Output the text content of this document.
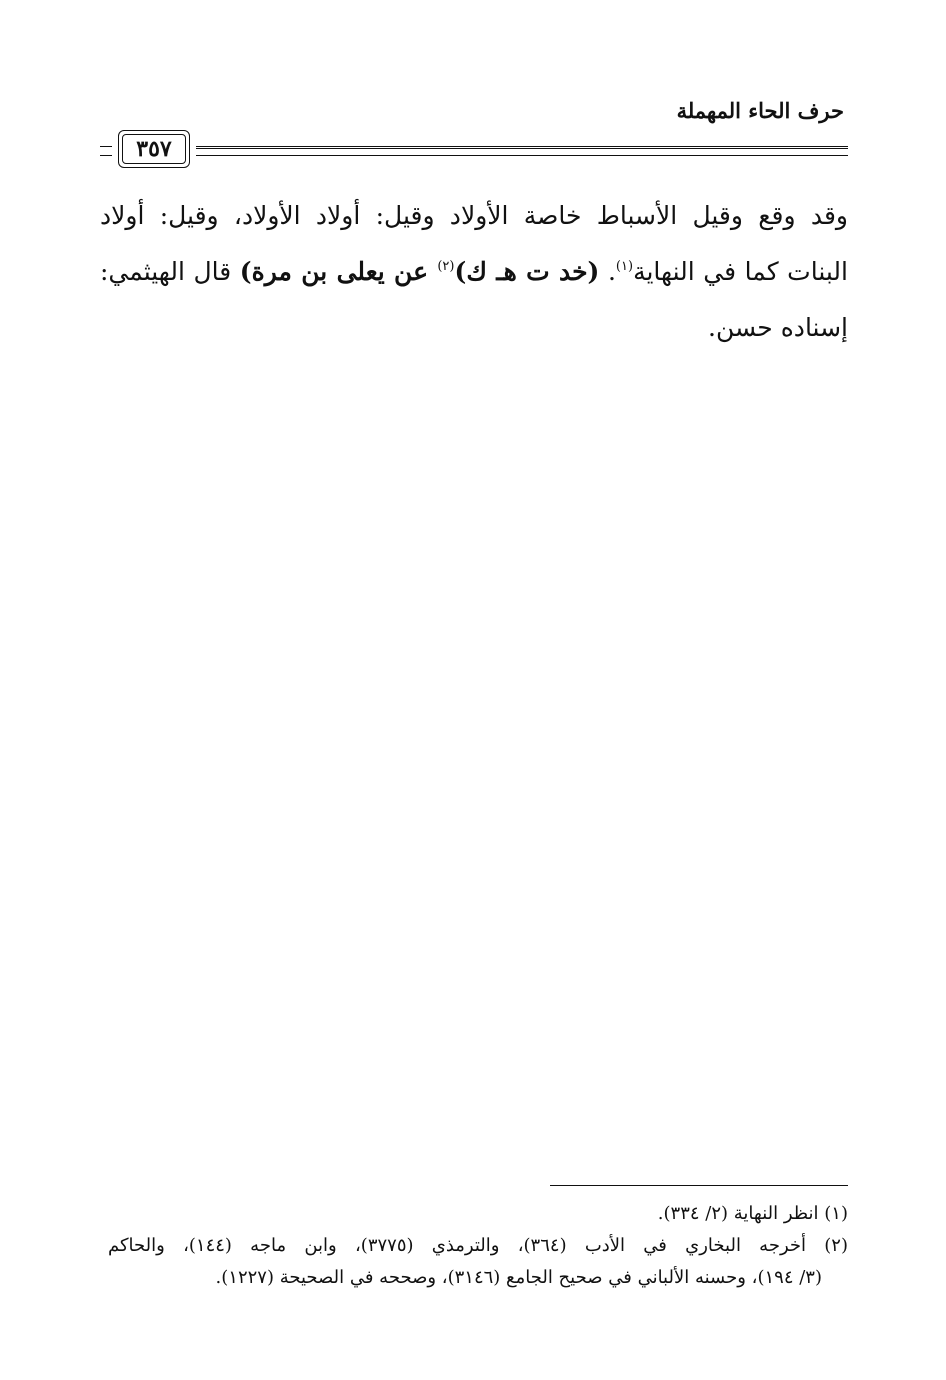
حرف الحاء المهملة
٣٥٧
وقد وقع وقيل الأسباط خاصة الأولاد وقيل: أولاد الأولاد، وقيل: أولاد
البنات كما في النهاية$^{(١)}$. (خد ت هـ ك)$^{(٢)}$ عن يعلى بن مرة) قال الهيثمي:
إسناده حسن.
(١) انظر النهاية (٢/ ٣٣٤).
(٢) أخرجه البخاري في الأدب (٣٦٤)، والترمذي (٣٧٧٥)، وابن ماجه (١٤٤)، والحاكم
(٣/ ١٩٤)، وحسنه الألباني في صحيح الجامع (٣١٤٦)، وصححه في الصحيحة (١٢٢٧).
